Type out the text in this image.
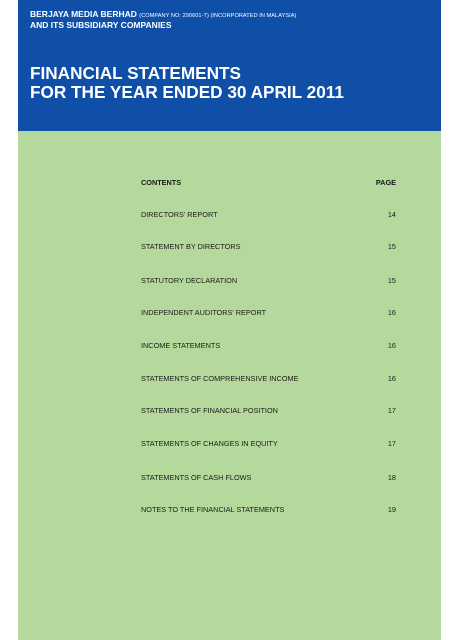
BERJAYA MEDIA BERHAD (COMPANY NO: 290601-T) (INCORPORATED IN MALAYSIA)
AND ITS SUBSIDIARY COMPANIES
FINANCIAL STATEMENTS
FOR THE YEAR ENDED 30 APRIL 2011
CONTENTS	PAGE
DIRECTORS' REPORT	14
STATEMENT BY DIRECTORS	15
STATUTORY DECLARATION	15
INDEPENDENT AUDITORS' REPORT	16
INCOME STATEMENTS	16
STATEMENTS OF COMPREHENSIVE INCOME	16
STATEMENTS OF FINANCIAL POSITION	17
STATEMENTS OF CHANGES IN EQUITY	17
STATEMENTS OF CASH FLOWS	18
NOTES TO THE FINANCIAL STATEMENTS	19
